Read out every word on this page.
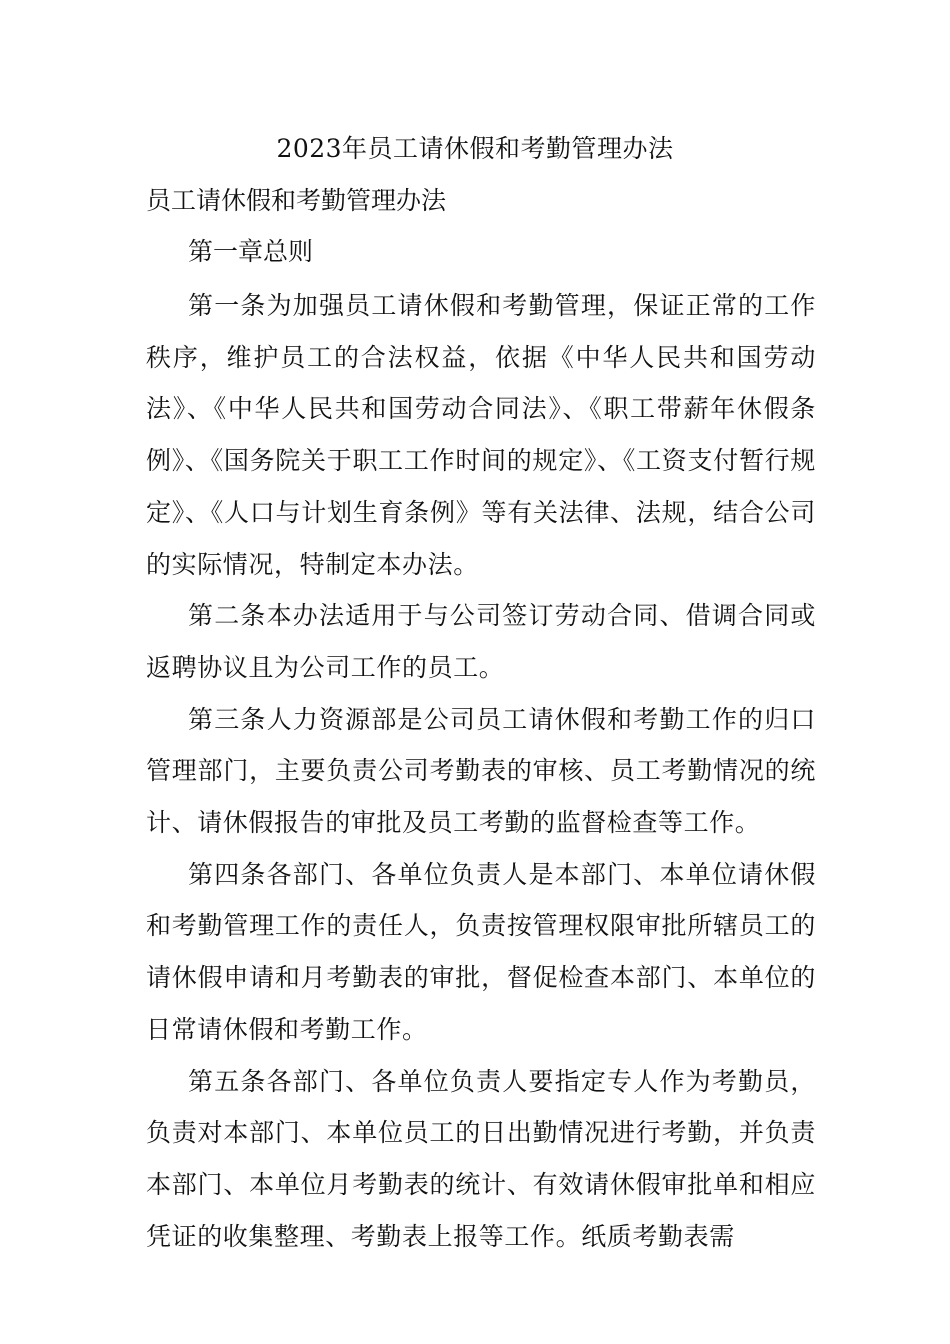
2023年员工请休假和考勤管理办法
员工请休假和考勤管理办法
第一章总则

第一条为加强员工请休假和考勤管理，保证正常的工作秩序，维护员工的合法权益，依据《中华人民共和国劳动法》、《中华人民共和国劳动合同法》、《职工带薪年休假条例》、《国务院关于职工工作时间的规定》、《工资支付暂行规定》、《人口与计划生育条例》等有关法律、法规，结合公司的实际情况，特制定本办法。

第二条本办法适用于与公司签订劳动合同、借调合同或返聘协议且为公司工作的员工。

第三条人力资源部是公司员工请休假和考勤工作的归口管理部门，主要负责公司考勤表的审核、员工考勤情况的统计、请休假报告的审批及员工考勤的监督检查等工作。

第四条各部门、各单位负责人是本部门、本单位请休假和考勤管理工作的责任人，负责按管理权限审批所辖员工的请休假申请和月考勤表的审批，督促检查本部门、本单位的日常请休假和考勤工作。

第五条各部门、各单位负责人要指定专人作为考勤员，负责对本部门、本单位员工的日出勤情况进行考勤，并负责本部门、本单位月考勤表的统计、有效请休假审批单和相应凭证的收集整理、考勤表上报等工作。纸质考勤表需
